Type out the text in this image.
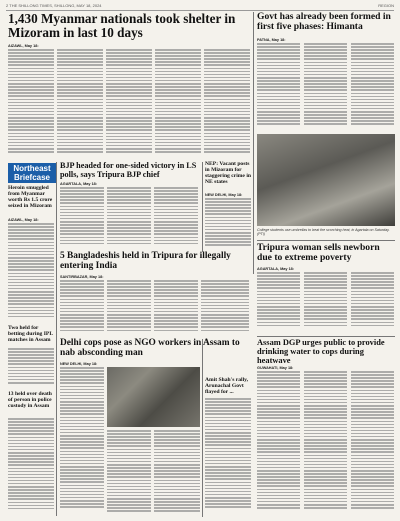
2 THE SHILLONG TIMES, SHILLONG, MAY 18, 2024	REGION
1,430 Myanmar nationals took shelter in Mizoram in last 10 days
AIZAWL, May 18:
Govt has already been formed in first five phases: Himanta
PATNA, May 18:
Northeast Briefcase
Heroin smuggled from Myanmar worth Rs 1.5 crore seized in Mizoram
AIZAWL, May 18:
Two held for betting during IPL matches in Assam
13 held over death of person in police custody in Assam
BJP headed for one-sided victory in LS polls, says Tripura BJP chief
AGARTALA, May 18:
5 Bangladeshis held in Tripura for illegally entering India
SANTIRBAZAR, May 18:
Delhi cops pose as NGO workers in Assam to nab absconding man
NEW DELHI, May 18:
NEP: Vacant posts in Mizoram for staggering crime in NE states
NEW DELHI, May 18:
Amit Shah's rally, Arunachal Govt flayed for ...
College students use umbrellas to beat the scorching heat, in Agartala on Saturday. (PTI)
Tripura woman sells newborn due to extreme poverty
AGARTALA, May 18:
Assam DGP urges public to provide drinking water to cops during heatwave
GUWAHATI, May 18:
